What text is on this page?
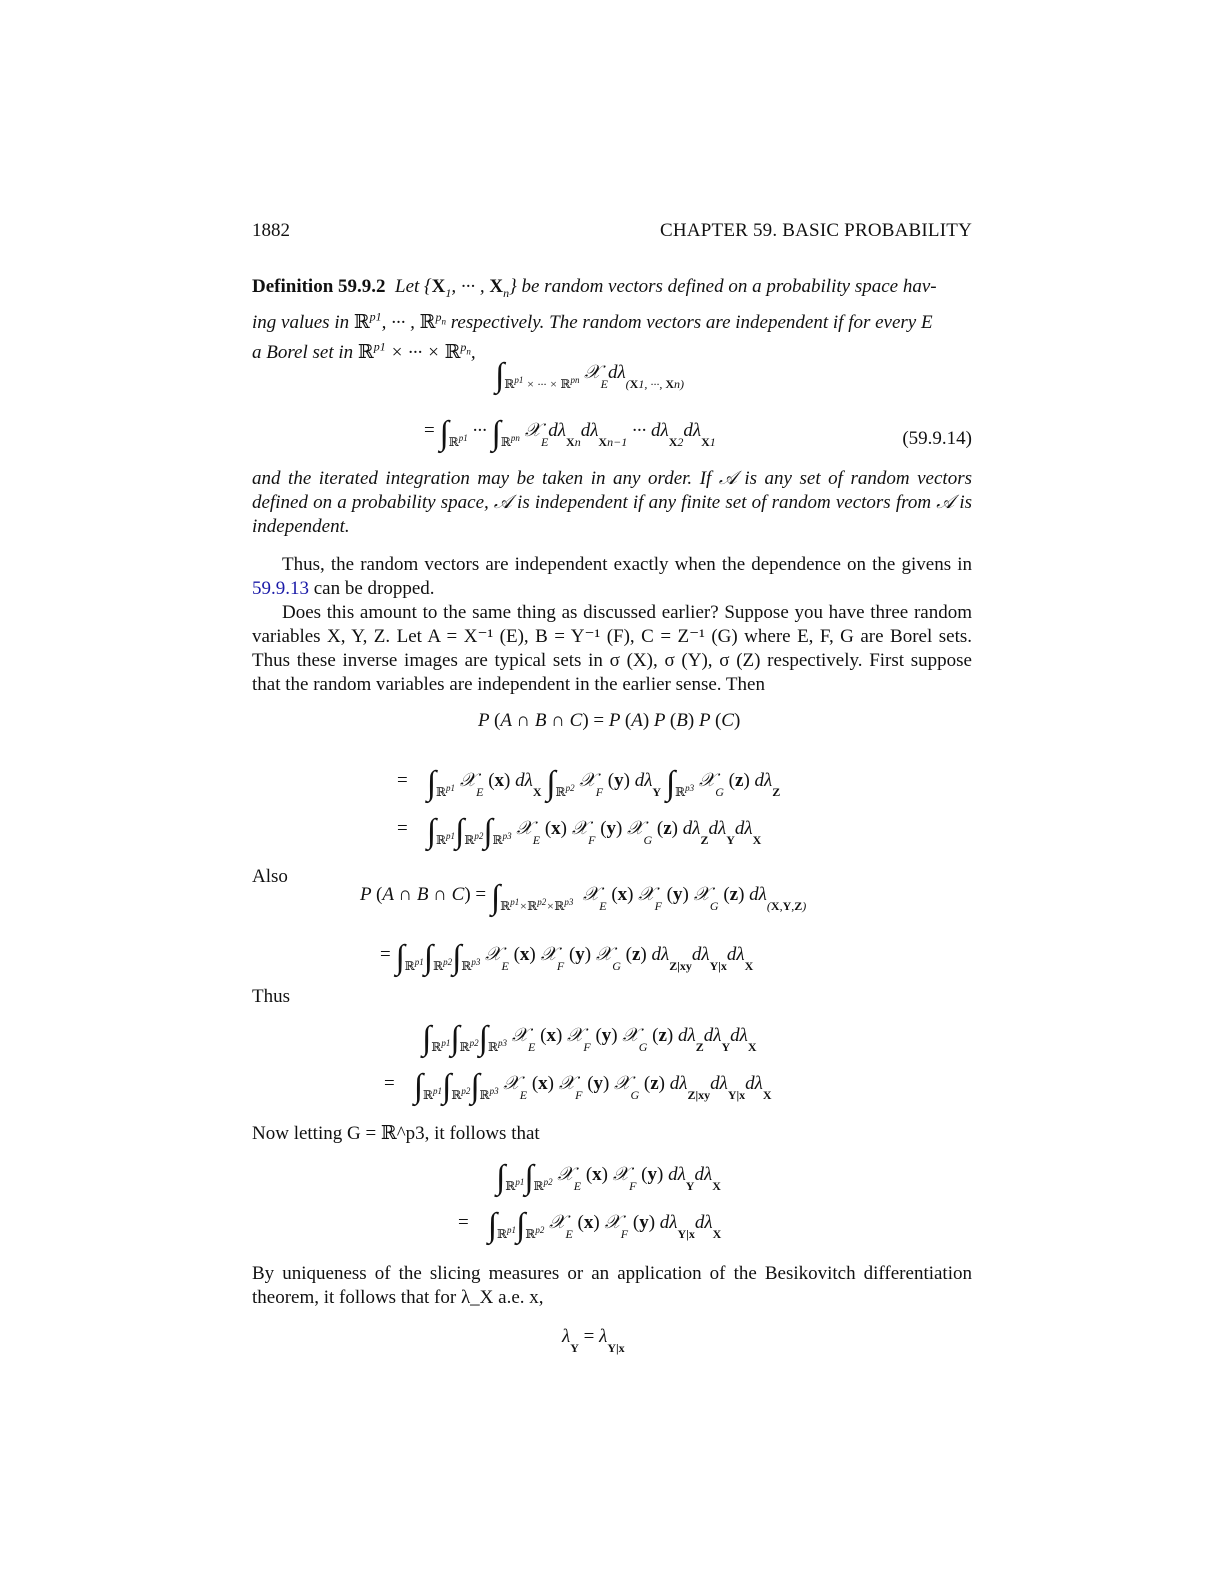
1882	CHAPTER 59. BASIC PROBABILITY
Definition 59.9.2  Let {$X_1$, ··· , $X_n$} be random vectors defined on a probability space hav-
ing values in ℝ$^{p1}$, ··· , ℝ$^{p_n}$ respectively. The random vectors are independent if for every E
a Borel set in ℝ$^{p1}$ × ··· × ℝ$^{p_n}$,
$\int_{ℝ^{p1} \times \cdot\cdot\cdot \times ℝ^{pn}}$ $𝒳_Ed\lambda_{(X1, \cdot\cdot\cdot, Xn)}$
= $\int_{ℝ^{p1}}$ ··· $\int_{ℝ^{pn}}$ $𝒳_Ed\lambda_{Xn}d\lambda_{Xn-1}$ ··· $d\lambda_{X2}d\lambda_{X1}$	(59.9.14)
and the iterated integration may be taken in any order. If 𝒜 is any set of random vectors defined on a probability space, 𝒜 is independent if any finite set of random vectors from 𝒜 is independent.
Thus, the random vectors are independent exactly when the dependence on the givens in 59.9.13 can be dropped.
Does this amount to the same thing as discussed earlier? Suppose you have three random variables X, Y, Z. Let A = X⁻¹ (E), B = Y⁻¹ (F), C = Z⁻¹ (G) where E, F, G are Borel sets. Thus these inverse images are typical sets in σ (X), σ (Y), σ (Z) respectively. First suppose that the random variables are independent in the earlier sense. Then
P (A ∩ B ∩ C) = P (A) P (B) P (C)
= $\int_{ℝ^{p1}}$ 𝒳$_E$ (x) $d\lambda_X$ $\int_{ℝ^{p2}}$ 𝒳$_F$ (y) $d\lambda_Y$ $\int_{ℝ^{p3}}$ 𝒳$_G$ (z) $d\lambda_Z$
= $\int_{ℝ^{p1}}\int_{ℝ^{p2}}\int_{ℝ^{p3}}$ 𝒳$_E$ (x) 𝒳$_F$ (y) 𝒳$_G$ (z) $d\lambda_Zd\lambda_Yd\lambda_X$
Also
P (A ∩ B ∩ $C) = \int_{ℝ^{p1}\times ℝ^{p2}\times ℝ^{p3}}$  𝒳$_E$ (x) 𝒳$_F$ (y) 𝒳$_G$ (z) $d\lambda_{(X,Y,Z)}$
= $\int_{ℝ^{p1}}\int_{ℝ^{p2}}\int_{ℝ^{p3}}$ 𝒳$_E$ (x) 𝒳$_F$ (y) 𝒳$_G$ (z) $d\lambda_{Z|xy}d\lambda_{Y|x}d\lambda_X$
Thus
$\int_{ℝ^{p1}}\int_{ℝ^{p2}}\int_{ℝ^{p3}}$ 𝒳$_E$ (x) 𝒳$_F$ (y) 𝒳$_G$ (z) $d\lambda_Zd\lambda_Yd\lambda_X$
= $\int_{ℝ^{p1}}\int_{ℝ^{p2}}\int_{ℝ^{p3}}$ 𝒳$_E$ (x) 𝒳$_F$ (y) 𝒳$_G$ (z) $d\lambda_{Z|xy}d\lambda_{Y|x}d\lambda_X$
Now letting G = ℝ^p3, it follows that
$\int_{ℝ^{p1}}\int_{ℝ^{p2}}$ 𝒳$_E$ (x) 𝒳$_F$ (y) $d\lambda_Yd\lambda_X$
= $\int_{ℝ^{p1}}\int_{ℝ^{p2}}$ 𝒳$_E$ (x) 𝒳$_F$ (y) $d\lambda_{Y|x}d\lambda_X$
By uniqueness of the slicing measures or an application of the Besikovitch differentiation theorem, it follows that for λ_X a.e. x,
$\lambda_Y = \lambda_{Y|x}$
